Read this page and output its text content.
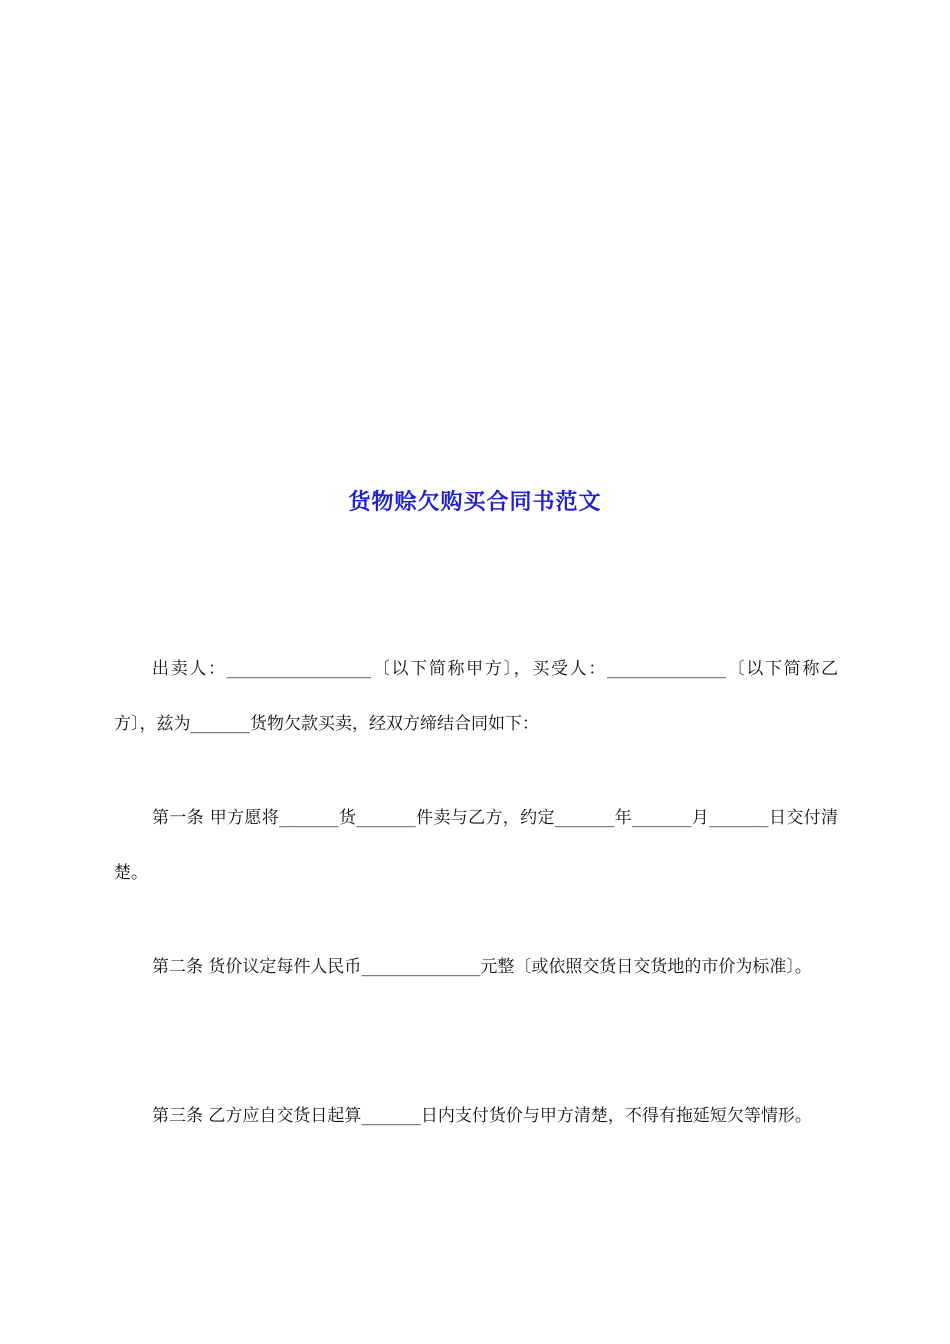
货物赊欠购买合同书范文
出卖人：_________________〔以下简称甲方〕，买受人：______________〔以下简称乙方〕，兹为_______货物欠款买卖，经双方缔结合同如下：
第一条 甲方愿将_______货_______件卖与乙方，约定_______年_______月_______日交付清楚。
第二条 货价议定每件人民币______________元整〔或依照交货日交货地的市价为标准〕。
第三条 乙方应自交货日起算_______日内支付货价与甲方清楚，不得有拖延短欠等情形。
